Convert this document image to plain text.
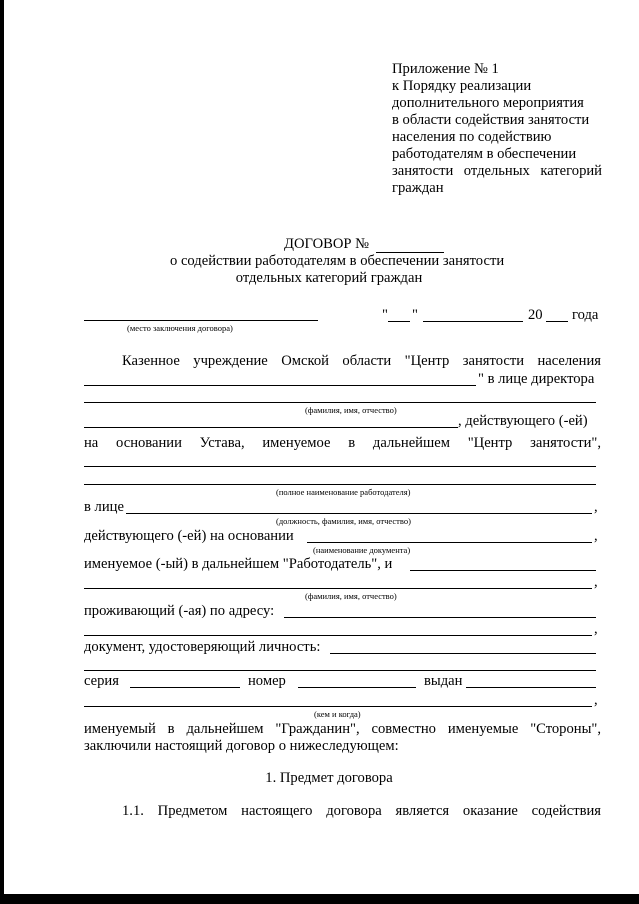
Приложение № 1
к Порядку реализации
дополнительного мероприятия
в области содействия занятости
населения по содействию
работодателям в обеспечении
занятости отдельных категорий
граждан
ДОГОВОР №
о содействии работодателям в обеспечении занятости
отдельных категорий граждан
(место заключения договора)
" "	20 года
Казенное учреждение Омской области "Центр занятости населения
" в лице директора
(фамилия, имя, отчество)
, действующего (-ей)
на основании Устава, именуемое в дальнейшем "Центр занятости",
(полное наименование работодателя)
в лице	,
(должность, фамилия, имя, отчество)
действующего (-ей) на основании	,
(наименование документа)
именуемое (-ый) в дальнейшем "Работодатель", и
,
(фамилия, имя, отчество)
проживающий (-ая) по адресу:
,
документ, удостоверяющий личность:
серия	номер	выдан
,
(кем и когда)
именуемый в дальнейшем "Гражданин", совместно именуемые "Стороны",
заключили настоящий договор о нижеследующем:
1. Предмет договора
1.1. Предметом настоящего договора является оказание содействия
